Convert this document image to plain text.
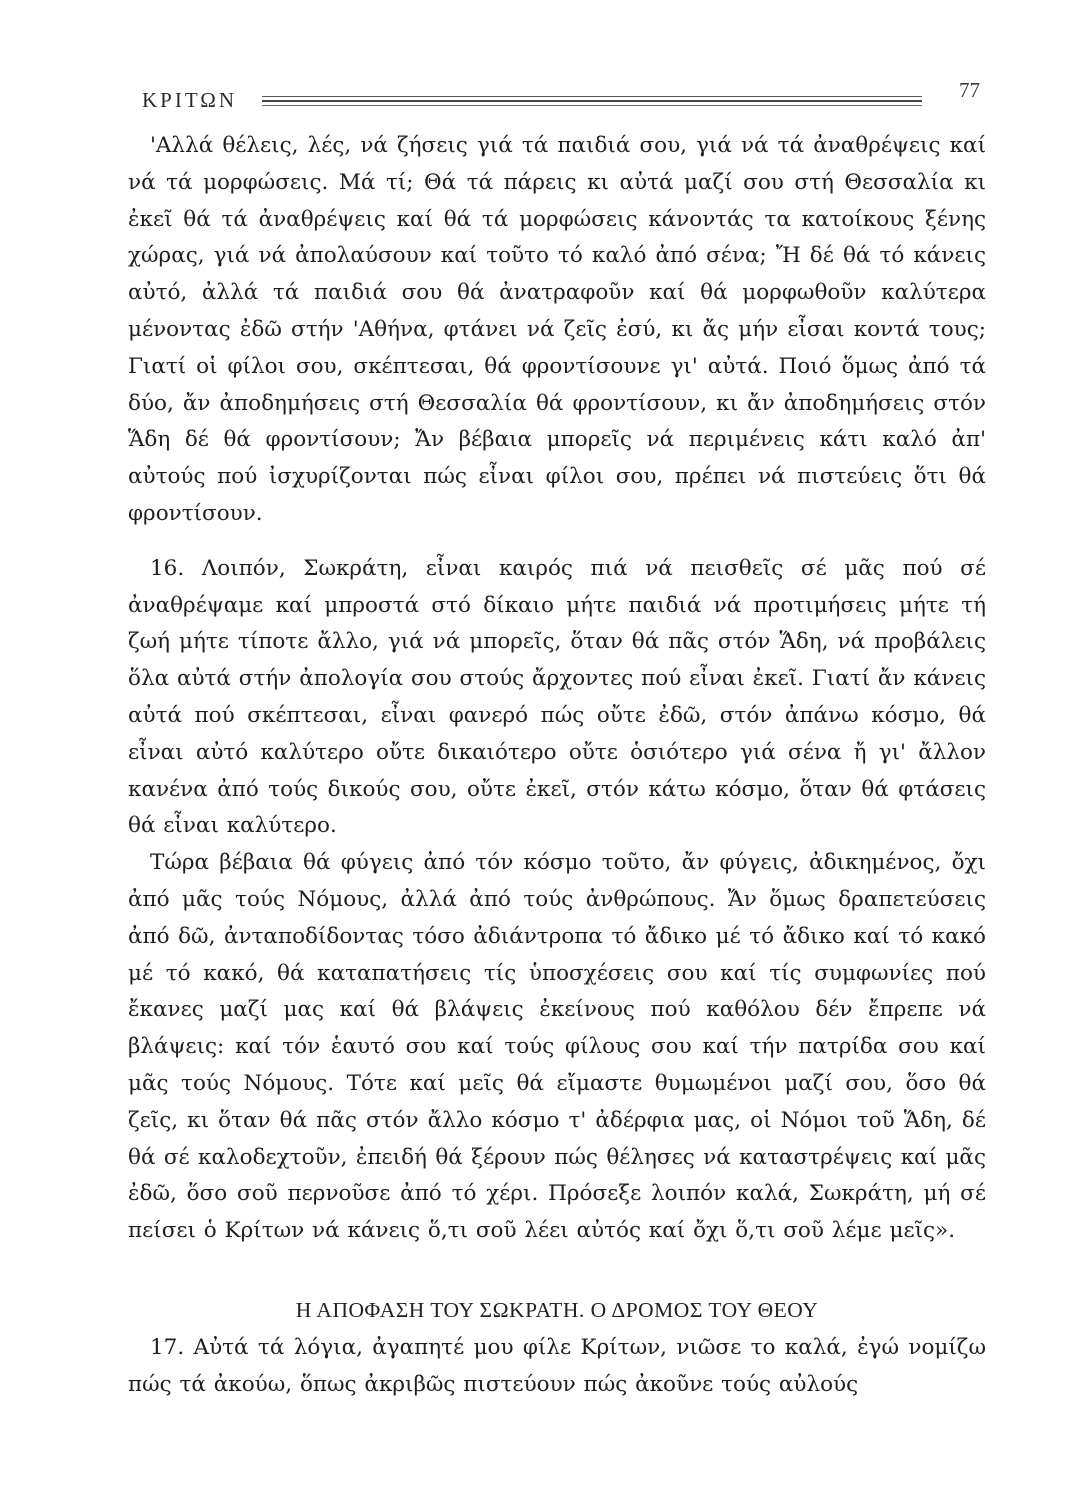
ΚΡΙΤΩΝ	77

'Αλλά θέλεις, λές, νά ζήσεις γιά τά παιδιά σου, γιά νά τά ἀναθρέψεις καί νά τά μορφώσεις. Μά τί; Θά τά πάρεις κι αὐτά μαζί σου στή Θεσσαλία κι ἐκεῖ θά τά ἀναθρέψεις καί θά τά μορφώσεις κάνοντάς τα κατοίκους ξένης χώρας, γιά νά ἀπολαύσουν καί τοῦτο τό καλό ἀπό σένα; Ἤ δέ θά τό κάνεις αὐτό, ἀλλά τά παιδιά σου θά ἀνατραφοῦν καί θά μορφωθοῦν καλύτερα μένοντας ἐδῶ στήν 'Αθήνα, φτάνει νά ζεῖς ἐσύ, κι ἄς μήν εἶσαι κοντά τους; Γιατί οἱ φίλοι σου, σκέπτεσαι, θά φροντίσουνε γι' αὐτά. Ποιό ὅμως ἀπό τά δύο, ἄν ἀποδημήσεις στή Θεσσαλία θά φροντίσουν, κι ἄν ἀποδημήσεις στόν Ἅδη δέ θά φροντίσουν; Ἄν βέβαια μπορεῖς νά περιμένεις κάτι καλό ἀπ' αὐτούς πού ἰσχυρίζονται πώς εἶναι φίλοι σου, πρέπει νά πιστεύεις ὅτι θά φροντίσουν.

16. Λοιπόν, Σωκράτη, εἶναι καιρός πιά νά πεισθεῖς σέ μᾶς πού σέ ἀναθρέψαμε καί μπροστά στό δίκαιο μήτε παιδιά νά προτιμήσεις μήτε τή ζωή μήτε τίποτε ἄλλο, γιά νά μπορεῖς, ὅταν θά πᾶς στόν Ἅδη, νά προβάλεις ὅλα αὐτά στήν ἀπολογία σου στούς ἄρχοντες πού εἶναι ἐκεῖ. Γιατί ἄν κάνεις αὐτά πού σκέπτεσαι, εἶναι φανερό πώς οὔτε ἐδῶ, στόν ἀπάνω κόσμο, θά εἶναι αὐτό καλύτερο οὔτε δικαιότερο οὔτε ὁσιότερο γιά σένα ἤ γι' ἄλλον κανένα ἀπό τούς δικούς σου, οὔτε ἐκεῖ, στόν κάτω κόσμο, ὅταν θά φτάσεις θά εἶναι καλύτερο.

Τώρα βέβαια θά φύγεις ἀπό τόν κόσμο τοῦτο, ἄν φύγεις, ἀδικημένος, ὄχι ἀπό μᾶς τούς Νόμους, ἀλλά ἀπό τούς ἀνθρώπους. Ἄν ὅμως δραπετεύσεις ἀπό δῶ, ἀνταποδίδοντας τόσο ἀδιάντροπα τό ἄδικο μέ τό ἄδικο καί τό κακό μέ τό κακό, θά καταπατήσεις τίς ὑποσχέσεις σου καί τίς συμφωνίες πού ἔκανες μαζί μας καί θά βλάψεις ἐκείνους πού καθόλου δέν ἔπρεπε νά βλάψεις: καί τόν ἑαυτό σου καί τούς φίλους σου καί τήν πατρίδα σου καί μᾶς τούς Νόμους. Τότε καί μεῖς θά εἴμαστε θυμωμένοι μαζί σου, ὅσο θά ζεῖς, κι ὅταν θά πᾶς στόν ἄλλο κόσμο τ' ἀδέρφια μας, οἱ Νόμοι τοῦ Ἅδη, δέ θά σέ καλοδεχτοῦν, ἐπειδή θά ξέρουν πώς θέλησες νά καταστρέψεις καί μᾶς ἐδῶ, ὅσο σοῦ περνοῦσε ἀπό τό χέρι. Πρόσεξε λοιπόν καλά, Σωκράτη, μή σέ πείσει ὁ Κρίτων νά κάνεις ὅ,τι σοῦ λέει αὐτός καί ὄχι ὅ,τι σοῦ λέμε μεῖς».

Η ΑΠΟΦΑΣΗ ΤΟΥ ΣΩΚΡΑΤΗ. Ο ΔΡΟΜΟΣ ΤΟΥ ΘΕΟΥ

17. Αὐτά τά λόγια, ἀγαπητέ μου φίλε Κρίτων, νιῶσε το καλά, ἐγώ νομίζω πώς τά ἀκούω, ὅπως ἀκριβῶς πιστεύουν πώς ἀκοῦνε τούς αὐλούς
